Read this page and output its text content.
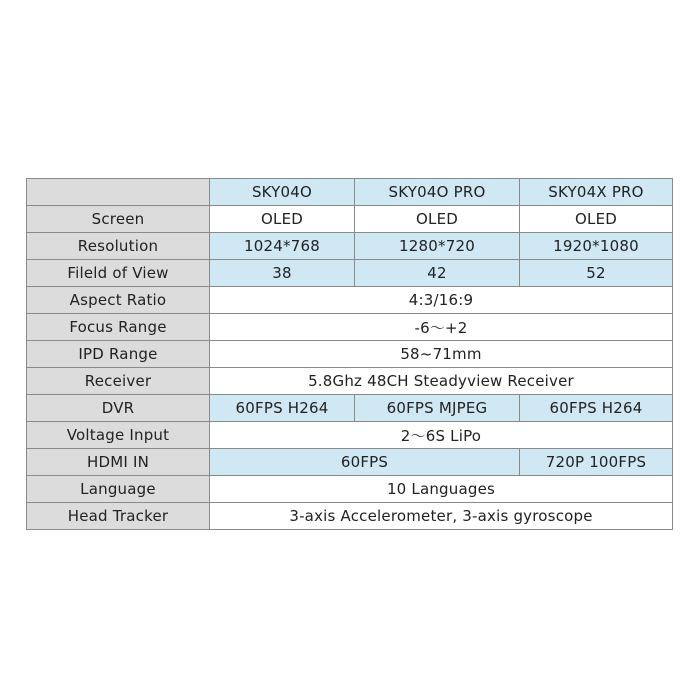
	SKY04O	SKY04O PRO	SKY04X PRO
Screen	OLED	OLED	OLED
Resolution	1024*768	1280*720	1920*1080
Fileld of View	38	42	52
Aspect Ratio	4:3/16:9		
Focus Range	-6～+2		
IPD Range	58~71mm		
Receiver	5.8Ghz 48CH Steadyview Receiver		
DVR	60FPS H264	60FPS MJPEG	60FPS H264
Voltage Input	2～6S LiPo		
HDMI IN	60FPS		720P 100FPS
Language	10 Languages		
Head Tracker	3-axis Accelerometer, 3-axis gyroscope		
